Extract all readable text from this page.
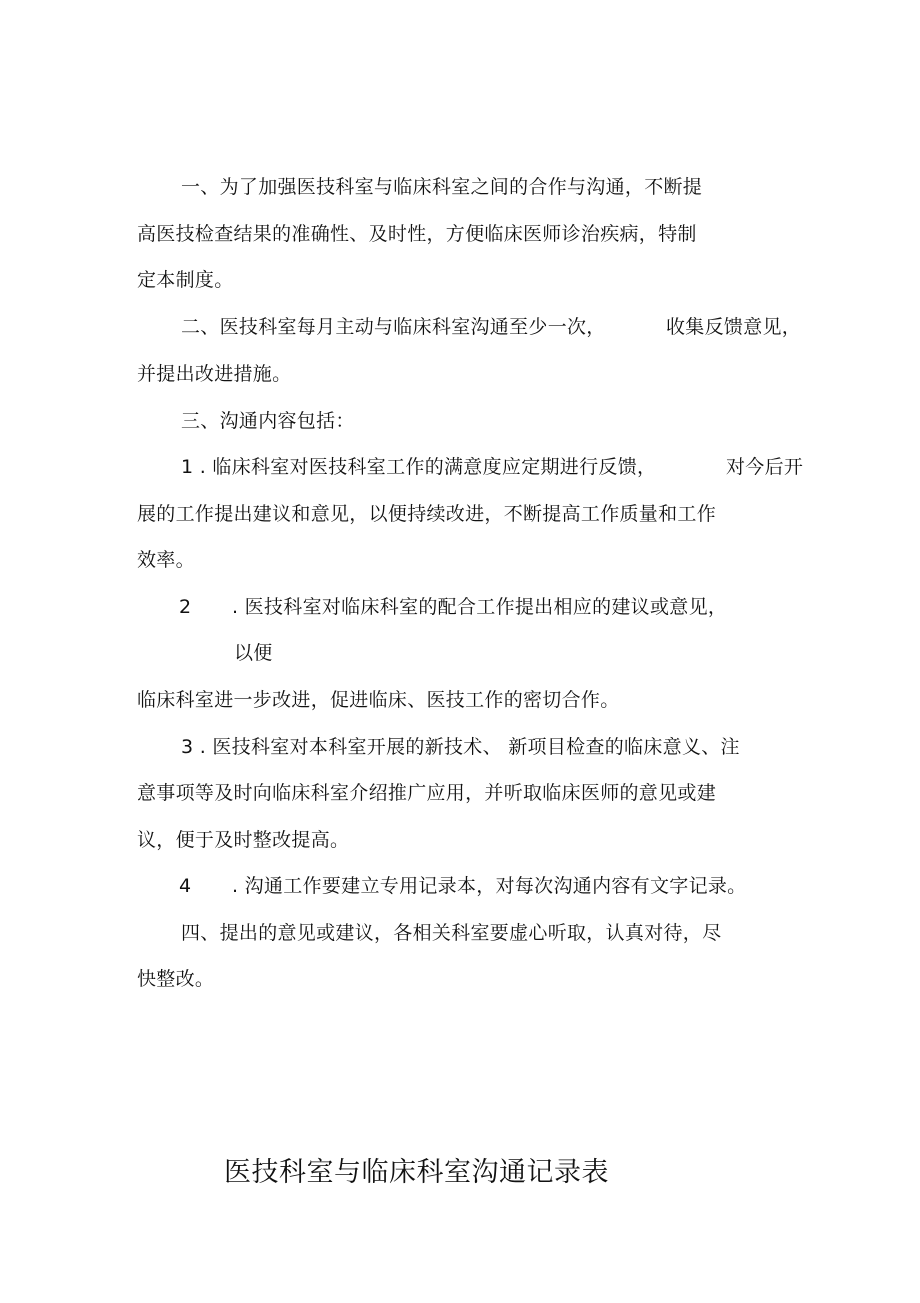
一、为了加强医技科室与临床科室之间的合作与沟通，不断提
高医技检查结果的准确性、及时性，方便临床医师诊治疾病，特制
定本制度。
二、医技科室每月主动与临床科室沟通至少一次，	收集反馈意见，
并提出改进措施。
三、沟通内容包括：
1 . 临床科室对医技科室工作的满意度应定期进行反馈，	对今后开
展的工作提出建议和意见，以便持续改进，不断提高工作质量和工作
效率。
2 . 医技科室对临床科室的配合工作提出相应的建议或意见，
以便
临床科室进一步改进，促进临床、医技工作的密切合作。
3 . 医技科室对本科室开展的新技术、 新项目检查的临床意义、注
意事项等及时向临床科室介绍推广应用，并听取临床医师的意见或建
议，便于及时整改提高。
4 . 沟通工作要建立专用记录本，对每次沟通内容有文字记录。
四、提出的意见或建议，各相关科室要虚心听取，认真对待，尽
快整改。
医技科室与临床科室沟通记录表
